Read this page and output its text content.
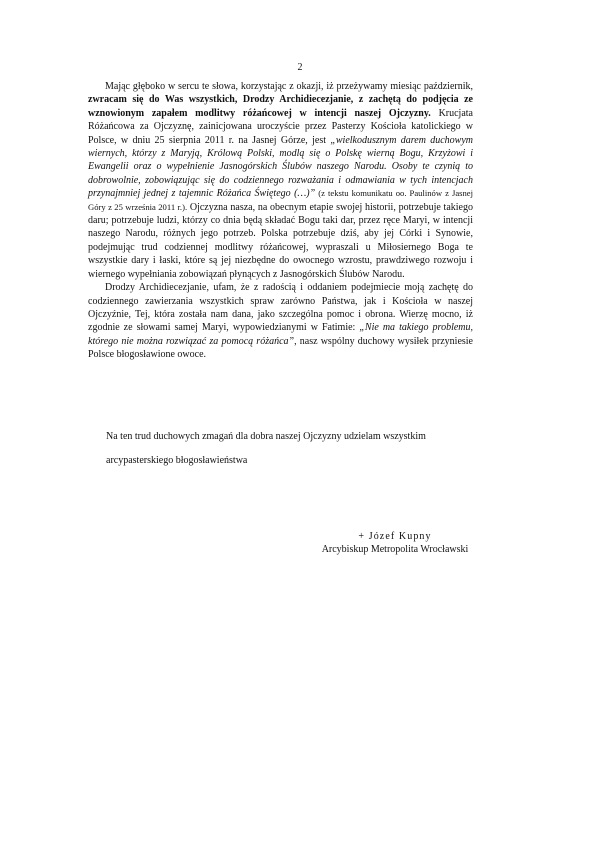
2

Mając głęboko w sercu te słowa, korzystając z okazji, iż przeżywamy miesiąc październik, zwracam się do Was wszystkich, Drodzy Archidiecezjanie, z zachętą do podjęcia ze wznowionym zapałem modlitwy różańcowej w intencji naszej Ojczyzny. Krucjata Różańcowa za Ojczyznę, zainicjowana uroczyście przez Pasterzy Kościoła katolickiego w Polsce, w dniu 25 sierpnia 2011 r. na Jasnej Górze, jest „wielkodusznym darem duchowym wiernych, którzy z Maryją, Królową Polski, modlą się o Polskę wierną Bogu, Krzyżowi i Ewangelii oraz o wypełnienie Jasnogórskich Ślubów naszego Narodu. Osoby te czynią to dobrowolnie, zobowiązując się do codziennego rozważania i odmawiania w tych intencjach przynajmniej jednej z tajemnic Różańca Świętego (…)” (z tekstu komunikatu oo. Paulinów z Jasnej Góry z 25 września 2011 r.). Ojczyzna nasza, na obecnym etapie swojej historii, potrzebuje takiego daru; potrzebuje ludzi, którzy co dnia będą składać Bogu taki dar, przez ręce Maryi, w intencji naszego Narodu, różnych jego potrzeb. Polska potrzebuje dziś, aby jej Córki i Synowie, podejmując trud codziennej modlitwy różańcowej, wypraszali u Miłosiernego Boga te wszystkie dary i łaski, które są jej niezbędne do owocnego wzrostu, prawdziwego rozwoju i wiernego wypełniania zobowiązań płynących z Jasnogórskich Ślubów Narodu.

Drodzy Archidiecezjanie, ufam, że z radością i oddaniem podejmiecie moją zachętę do codziennego zawierzania wszystkich spraw zarówno Państwa, jak i Kościoła w naszej Ojczyźnie, Tej, która została nam dana, jako szczególna pomoc i obrona. Wierzę mocno, iż zgodnie ze słowami samej Maryi, wypowiedzianymi w Fatimie: „Nie ma takiego problemu, którego nie można rozwiązać za pomocą różańca”, nasz wspólny duchowy wysiłek przyniesie Polsce błogosławione owoce.

Na ten trud duchowych zmagań dla dobra naszej Ojczyzny udzielam wszystkim
arcypasterskiego błogosławieństwa
+ Józef Kupny
Arcybiskup Metropolita Wrocławski
